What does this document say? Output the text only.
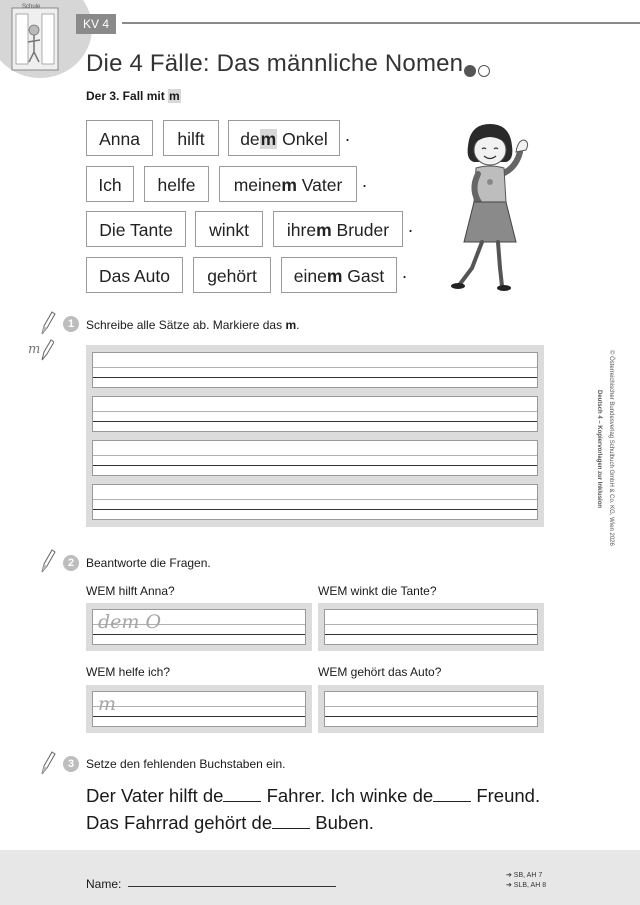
Schule
KV 4
Die 4 Fälle: Das männliche Nomen
Der 3. Fall mit m
Anna	hilft	dem Onkel .
Ich	helfe	meinem Vater	.
Die Tante	winkt	ihrem Bruder	.
Das Auto	gehört	einem Gast .
m
1 Schreibe alle Sätze ab. Markiere das m.
2 Beantworte die Fragen.
WEM hilft Anna?	WEM winkt die Tante?
dem O
WEM helfe ich?	WEM gehört das Auto?
m
3 Setze den fehlenden Buchstaben ein.
Der Vater hilft de Fahrer. Ich winke de Freund.
Das Fahrrad gehört de Buben.
© Österreichischer Bundesverlag Schulbuch GmbH & Co. KG, Wien 2026
Deutsch 4 – Kopiervorlagen zur Inklusion
Name:
➔ SB, AH 7
➔ SLB, AH 8
